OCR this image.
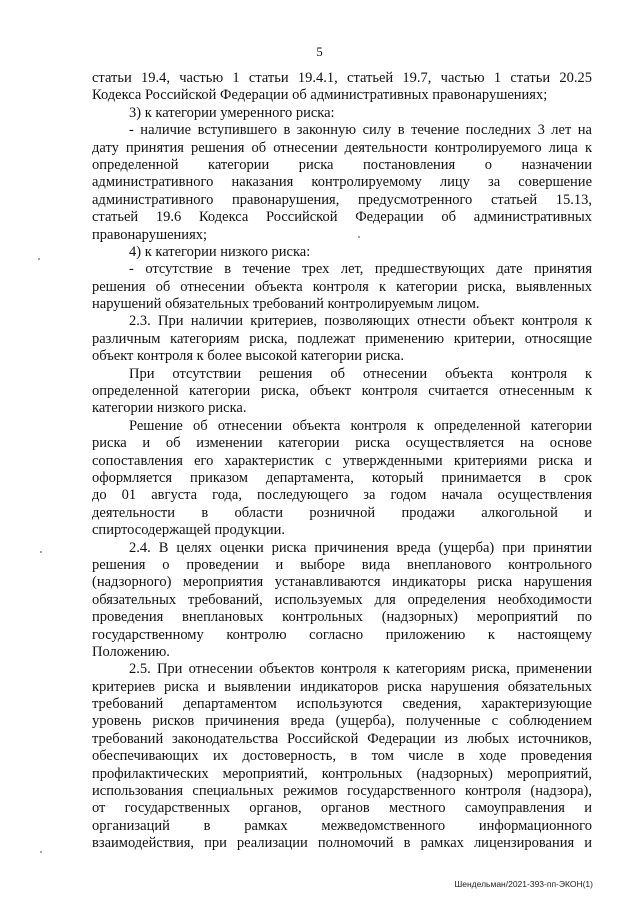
5
статьи 19.4, частью 1 статьи 19.4.1, статьей 19.7, частью 1 статьи 20.25
Кодекса Российской Федерации об административных правонарушениях;
3) к категории умеренного риска:
- наличие вступившего в законную силу в течение последних 3 лет на
дату принятия решения об отнесении деятельности контролируемого лица к
определенной категории риска постановления о назначении
административного наказания контролируемому лицу за совершение
административного правонарушения, предусмотренного статьей 15.13,
статьей 19.6 Кодекса Российской Федерации об административных
правонарушениях;
4) к категории низкого риска:
- отсутствие в течение трех лет, предшествующих дате принятия
решения об отнесении объекта контроля к категории риска, выявленных
нарушений обязательных требований контролируемым лицом.
2.3. При наличии критериев, позволяющих отнести объект контроля к
различным категориям риска, подлежат применению критерии, относящие
объект контроля к более высокой категории риска.
При отсутствии решения об отнесении объекта контроля к
определенной категории риска, объект контроля считается отнесенным к
категории низкого риска.
Решение об отнесении объекта контроля к определенной категории
риска и об изменении категории риска осуществляется на основе
сопоставления его характеристик с утвержденными критериями риска и
оформляется приказом департамента, который принимается в срок
до 01 августа года, последующего за годом начала осуществления
деятельности в области розничной продажи алкогольной и
спиртосодержащей продукции.
2.4. В целях оценки риска причинения вреда (ущерба) при принятии
решения о проведении и выборе вида внепланового контрольного
(надзорного) мероприятия устанавливаются индикаторы риска нарушения
обязательных требований, используемых для определения необходимости
проведения внеплановых контрольных (надзорных) мероприятий по
государственному контролю согласно приложению к настоящему
Положению.
2.5. При отнесении объектов контроля к категориям риска, применении
критериев риска и выявлении индикаторов риска нарушения обязательных
требований департаментом используются сведения, характеризующие
уровень рисков причинения вреда (ущерба), полученные с соблюдением
требований законодательства Российской Федерации из любых источников,
обеспечивающих их достоверность, в том числе в ходе проведения
профилактических мероприятий, контрольных (надзорных) мероприятий,
использования специальных режимов государственного контроля (надзора),
от государственных органов, органов местного самоуправления и
организаций в рамках межведомственного информационного
взаимодействия, при реализации полномочий в рамках лицензирования и
Шендельман/2021-393-пп-ЭКОН(1)
